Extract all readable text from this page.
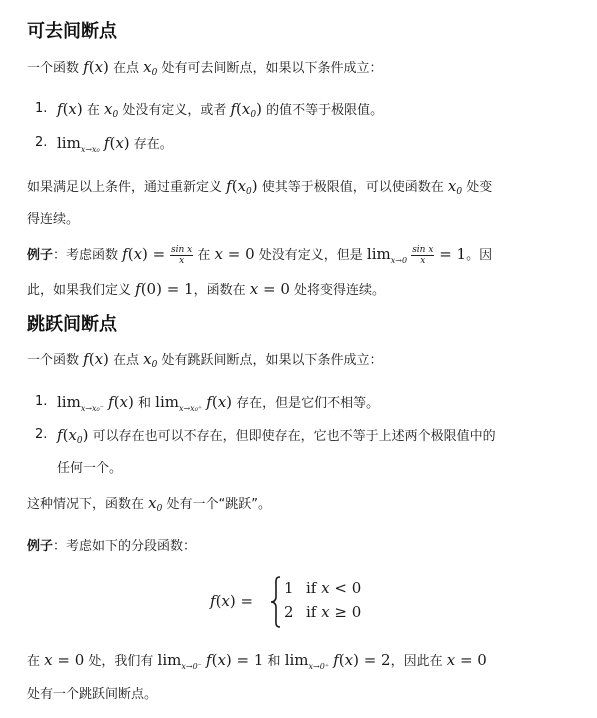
可去间断点

一个函数 f(x) 在点 $x_0$ 处有可去间断点，如果以下条件成立：

1. f(x) 在 $x_0$ 处没有定义，或者 $f(x_0)$ 的值不等于极限值。
2. $\lim_{x\to x_0} f(x)$ 存在。

如果满足以上条件，通过重新定义 $f(x_0)$ 使其等于极限值，可以使函数在 $x_0$ 处变
得连续。

例子：考虑函数 $f(x) = \frac{\text{sin x}}{x}$ 在 x = 0 处没有定义，但是 $\lim_{x\to 0} \frac{\text{sin x}}{x} = 1$。因
此，如果我们定义 f(0) = 1，函数在 x = 0 处将变得连续。

跳跃间断点

一个函数 f(x) 在点 $x_0$ 处有跳跃间断点，如果以下条件成立：

1. $\lim_{x\to x_0^-} f(x)$ 和 $\lim_{x\to x_0^+} f(x)$ 存在，但是它们不相等。
2. $f(x_0)$ 可以存在也可以不存在，但即使存在，它也不等于上述两个极限值中的
任何一个。

这种情况下，函数在 $x_0$ 处有一个“跳跃”。

例子：考虑如下的分段函数：

f(x) =
1 if x < 0
2 if x ≥ 0

在 x = 0 处，我们有 $\lim_{x\to 0^-} f(x) = 1$ 和 $\lim_{x\to 0^+} f(x) = 2$，因此在 x = 0
处有一个跳跃间断点。
